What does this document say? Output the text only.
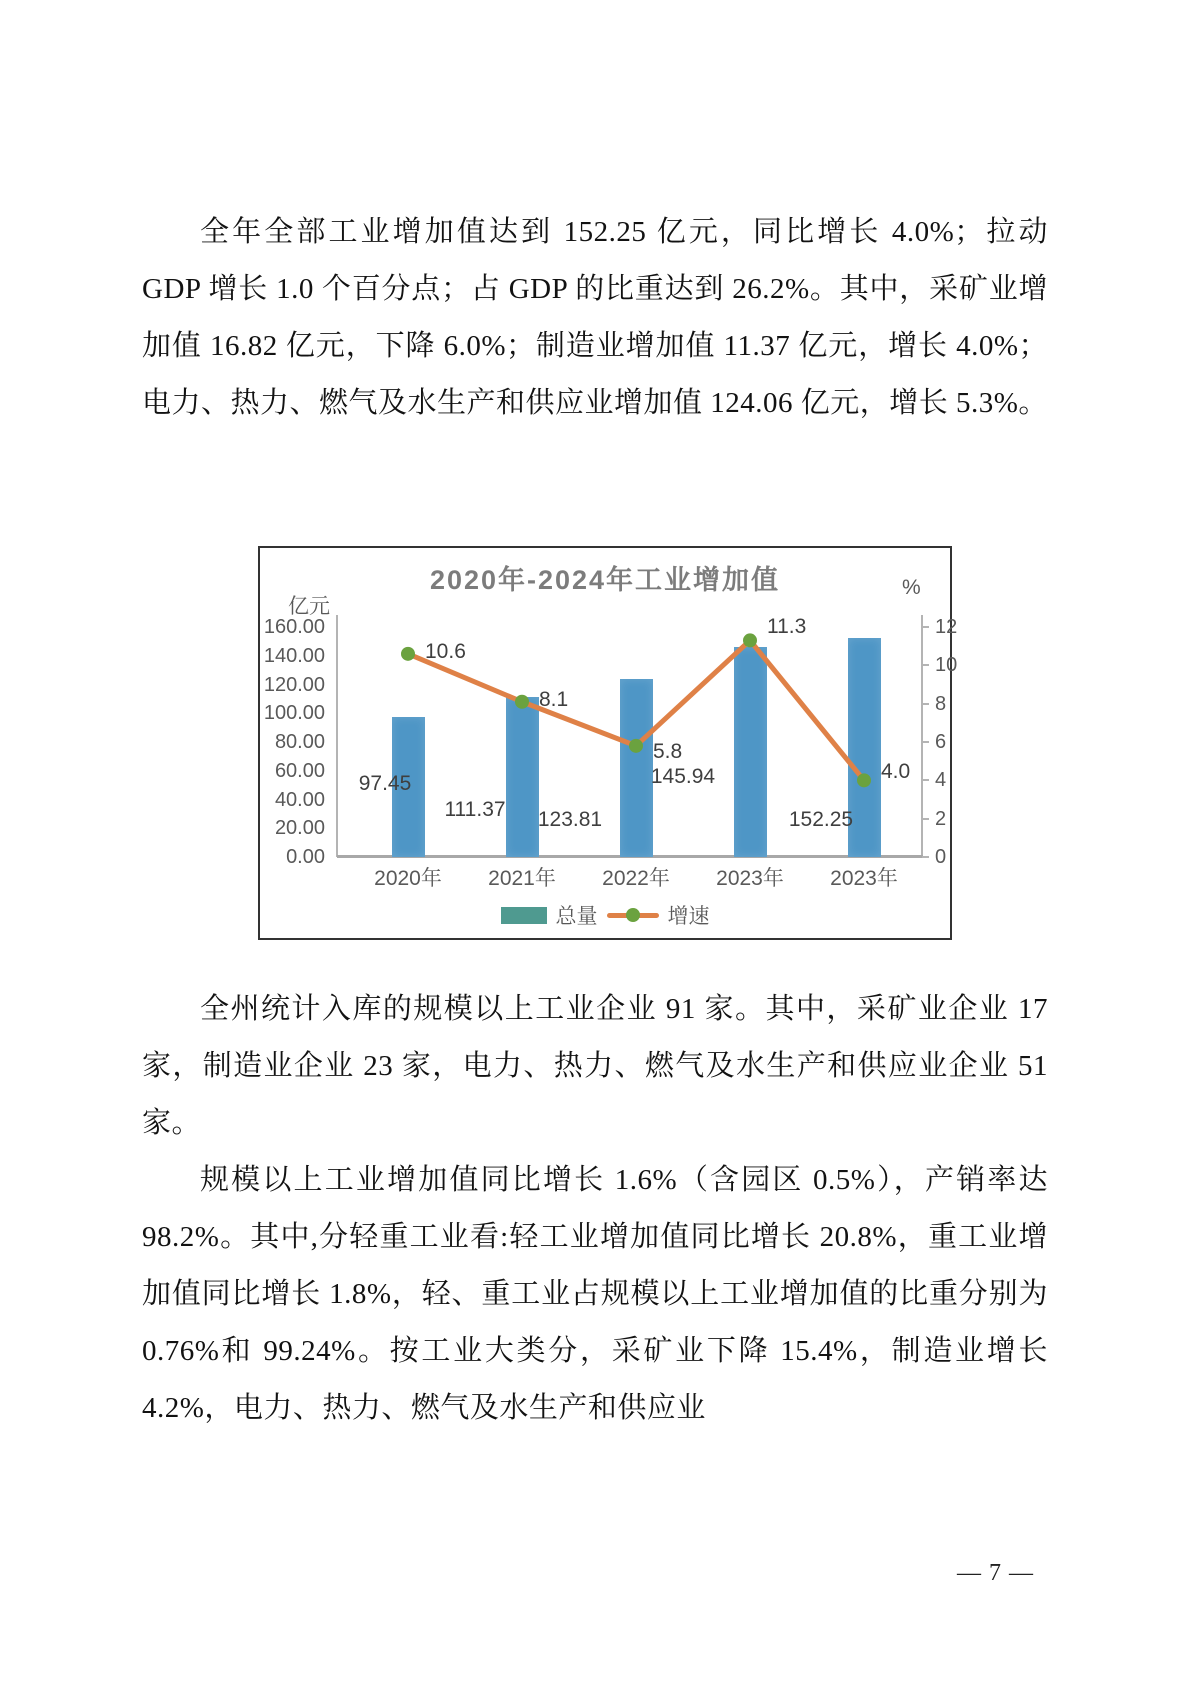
全年全部工业增加值达到 152.25 亿元，同比增长 4.0%；拉动 GDP 增长 1.0 个百分点；占 GDP 的比重达到 26.2%。其中，采矿业增加值 16.82 亿元，下降 6.0%；制造业增加值 11.37 亿元，增长 4.0%；电力、热力、燃气及水生产和供应业增加值 124.06 亿元，增长 5.3%。

2020年-2024年工业增加值
亿元
%
160.00
140.00
120.00
100.00
80.00
60.00
40.00
20.00
0.00
12
10
8
6
4
2
0
97.45
111.37	123.81
145.94
152.25
10.6
8.1
5.8
11.3
4.0
2020年	2021年	2022年	2023年	2023年
总量	增速

全州统计入库的规模以上工业企业 91 家。其中，采矿业企业 17 家，制造业企业 23 家，电力、热力、燃气及水生产和供应业企业 51 家。

规模以上工业增加值同比增长 1.6%（含园区 0.5%），产销率达 98.2%。其中,分轻重工业看:轻工业增加值同比增长 20.8%，重工业增加值同比增长 1.8%，轻、重工业占规模以上工业增加值的比重分别为 0.76%和 99.24%。按工业大类分，采矿业下降 15.4%，制造业增长 4.2%，电力、热力、燃气及水生产和供应业

— 7 —
